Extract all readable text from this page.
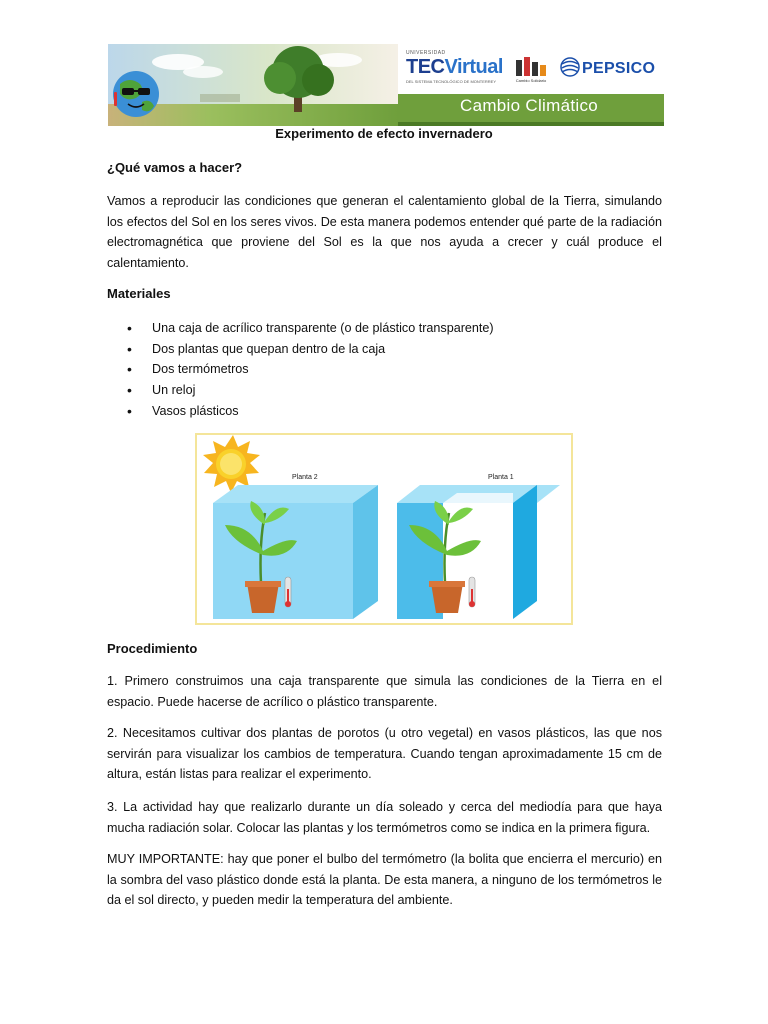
UNIVERSIDAD
TECVirtual
DEL SISTEMA TECNOLÓGICO DE MONTERREY	Cambio Solidario
PEPSICO
Cambio Climático
Experimento de efecto invernadero
¿Qué vamos a hacer?
Vamos a reproducir las condiciones que generan el calentamiento global de la Tierra, simulando los efectos del Sol en los seres vivos. De esta manera podemos entender qué parte de la radiación electromagnética que proviene del Sol es la que nos ayuda a crecer y cuál produce el calentamiento.
Materiales
• Una caja de acrílico transparente (o de plástico transparente)
• Dos plantas que quepan dentro de la caja
• Dos termómetros
• Un reloj
• Vasos plásticos
Planta 2	Planta 1
Procedimiento
1. Primero construimos una caja transparente que simula las condiciones de la Tierra en el espacio. Puede hacerse de acrílico o plástico transparente.
2. Necesitamos cultivar dos plantas de porotos (u otro vegetal) en vasos plásticos, las que nos servirán para visualizar los cambios de temperatura. Cuando tengan aproximadamente 15 cm de altura, están listas para realizar el experimento.
3. La actividad hay que realizarlo durante un día soleado y cerca del mediodía para que haya mucha radiación solar. Colocar las plantas y los termómetros como se indica en la primera figura.
MUY IMPORTANTE: hay que poner el bulbo del termómetro (la bolita que encierra el mercurio) en la sombra del vaso plástico donde está la planta. De esta manera, a ninguno de los termómetros le da el sol directo, y pueden medir la temperatura del ambiente.
